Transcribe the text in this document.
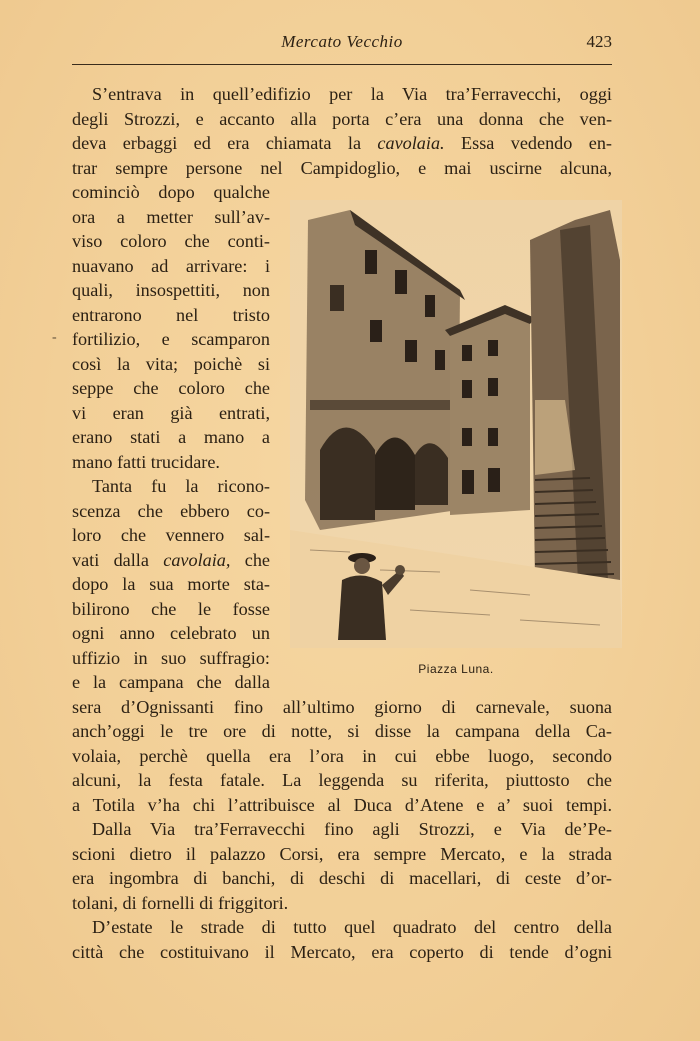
Mercato Vecchio	423
-
S’entrava in quell’edifizio per la Via tra’Ferravecchi, oggi
degli Strozzi, e accanto alla porta c’era una donna che ven-
deva erbaggi ed era chiamata la cavolaia. Essa vedendo en-
trar sempre persone nel Campidoglio, e mai uscirne alcuna,
cominciò dopo qualche
ora a metter sull’av-
viso coloro che conti-
nuavano ad arrivare: i
quali, insospettiti, non
entrarono nel tristo
fortilizio, e scamparon
così la vita; poichè si
seppe che coloro che
vi eran già entrati,
erano stati a mano a
mano fatti trucidare.
Tanta fu la ricono-
scenza che ebbero co-
loro che vennero sal-
vati dalla cavolaia, che
dopo la sua morte sta-
bilirono che le fosse
ogni anno celebrato un
uffizio in suo suffragio:
e la campana che dalla
sera d’Ognissanti fino all’ultimo giorno di carnevale, suona
anch’oggi le tre ore di notte, si disse la campana della Ca-
volaia, perchè quella era l’ora in cui ebbe luogo, secondo
alcuni, la festa fatale. La leggenda su riferita, piuttosto che
a Totila v’ha chi l’attribuisce al Duca d’Atene e a’ suoi tempi.
Dalla Via tra’Ferravecchi fino agli Strozzi, e Via de’Pe-
scioni dietro il palazzo Corsi, era sempre Mercato, e la strada
era ingombra di banchi, di deschi di macellari, di ceste d’or-
tolani, di fornelli di friggitori.
D’estate le strade di tutto quel quadrato del centro della
città che costituivano il Mercato, era coperto di tende d’ogni
Piazza Luna.
